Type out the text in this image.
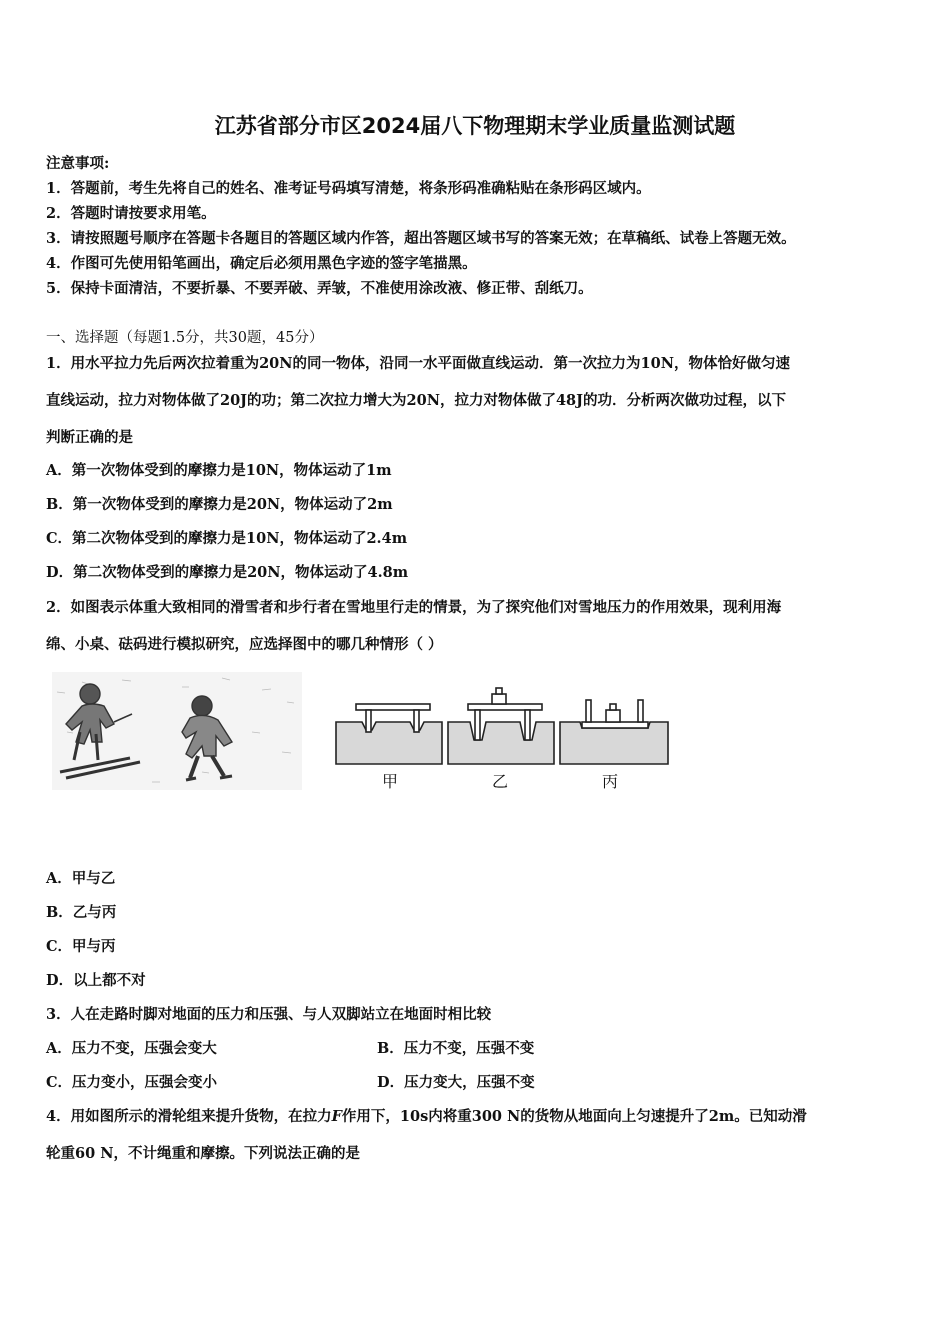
江苏省部分市区2024届八下物理期末学业质量监测试题
注意事项:
1．答题前，考生先将自己的姓名、准考证号码填写清楚，将条形码准确粘贴在条形码区域内。
2．答题时请按要求用笔。
3．请按照题号顺序在答题卡各题目的答题区域内作答，超出答题区域书写的答案无效；在草稿纸、试卷上答题无效。
4．作图可先使用铅笔画出，确定后必须用黑色字迹的签字笔描黑。
5．保持卡面清洁，不要折暴、不要弄破、弄皱，不准使用涂改液、修正带、刮纸刀。
一、选择题（每题1.5分，共30题，45分）
1．用水平拉力先后两次拉着重为20N的同一物体，沿同一水平面做直线运动．第一次拉力为10N，物体恰好做匀速
直线运动，拉力对物体做了20J的功；第二次拉力增大为20N，拉力对物体做了48J的功．分析两次做功过程，以下
判断正确的是
A．第一次物体受到的摩擦力是10N，物体运动了1m
B．第一次物体受到的摩擦力是20N，物体运动了2m
C．第二次物体受到的摩擦力是10N，物体运动了2.4m
D．第二次物体受到的摩擦力是20N，物体运动了4.8m
2．如图表示体重大致相同的滑雪者和步行者在雪地里行走的情景，为了探究他们对雪地压力的作用效果，现利用海
绵、小桌、砝码进行模拟研究，应选择图中的哪几种情形（ ）
甲	乙	丙
A．甲与乙
B．乙与丙
C．甲与丙
D．以上都不对
3．人在走路时脚对地面的压力和压强、与人双脚站立在地面时相比较
A．压力不变，压强会变大	B．压力不变，压强不变
C．压力变小，压强会变小	D．压力变大，压强不变
4．用如图所示的滑轮组来提升货物，在拉力F作用下，10s内将重300 N的货物从地面向上匀速提升了2m。已知动滑
轮重60 N，不计绳重和摩擦。下列说法正确的是
